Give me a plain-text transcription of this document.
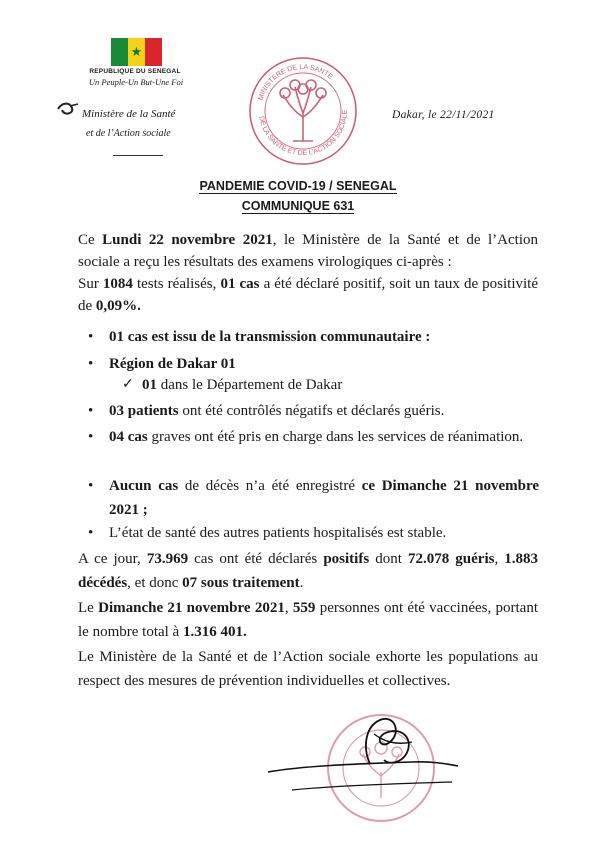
★
REPUBLIQUE DU SENEGAL
Un Peuple-Un But-Une Foi
Ministère de la Santé
et de l’Action sociale
MINISTERE DE LA SANTE
DE LA SANTE ET DE L’ACTION SOCIALE	Dakar, le 22/11/2021
PANDEMIE COVID-19 / SENEGAL
COMMUNIQUE 631
Ce Lundi 22 novembre 2021, le Ministère de la Santé et de l’Action sociale a reçu les résultats des examens virologiques ci-après :
Sur 1084 tests réalisés, 01 cas a été déclaré positif, soit un taux de positivité de 0,09%.
• 01 cas est issu de la transmission communautaire :
• Région de Dakar 01
✓ 01 dans le Département de Dakar
• 03 patients ont été contrôlés négatifs et déclarés guéris.
• 04 cas graves ont été pris en charge dans les services de réanimation.
• Aucun cas de décès n’a été enregistré ce Dimanche 21 novembre 2021 ;
• L’état de santé des autres patients hospitalisés est stable.
A ce jour, 73.969 cas ont été déclarés positifs dont 72.078 guéris, 1.883 décédés, et donc 07 sous traitement.
Le Dimanche 21 novembre 2021, 559 personnes ont été vaccinées, portant le nombre total à 1.316 401.
Le Ministère de la Santé et de l’Action sociale exhorte les populations au respect des mesures de prévention individuelles et collectives.
